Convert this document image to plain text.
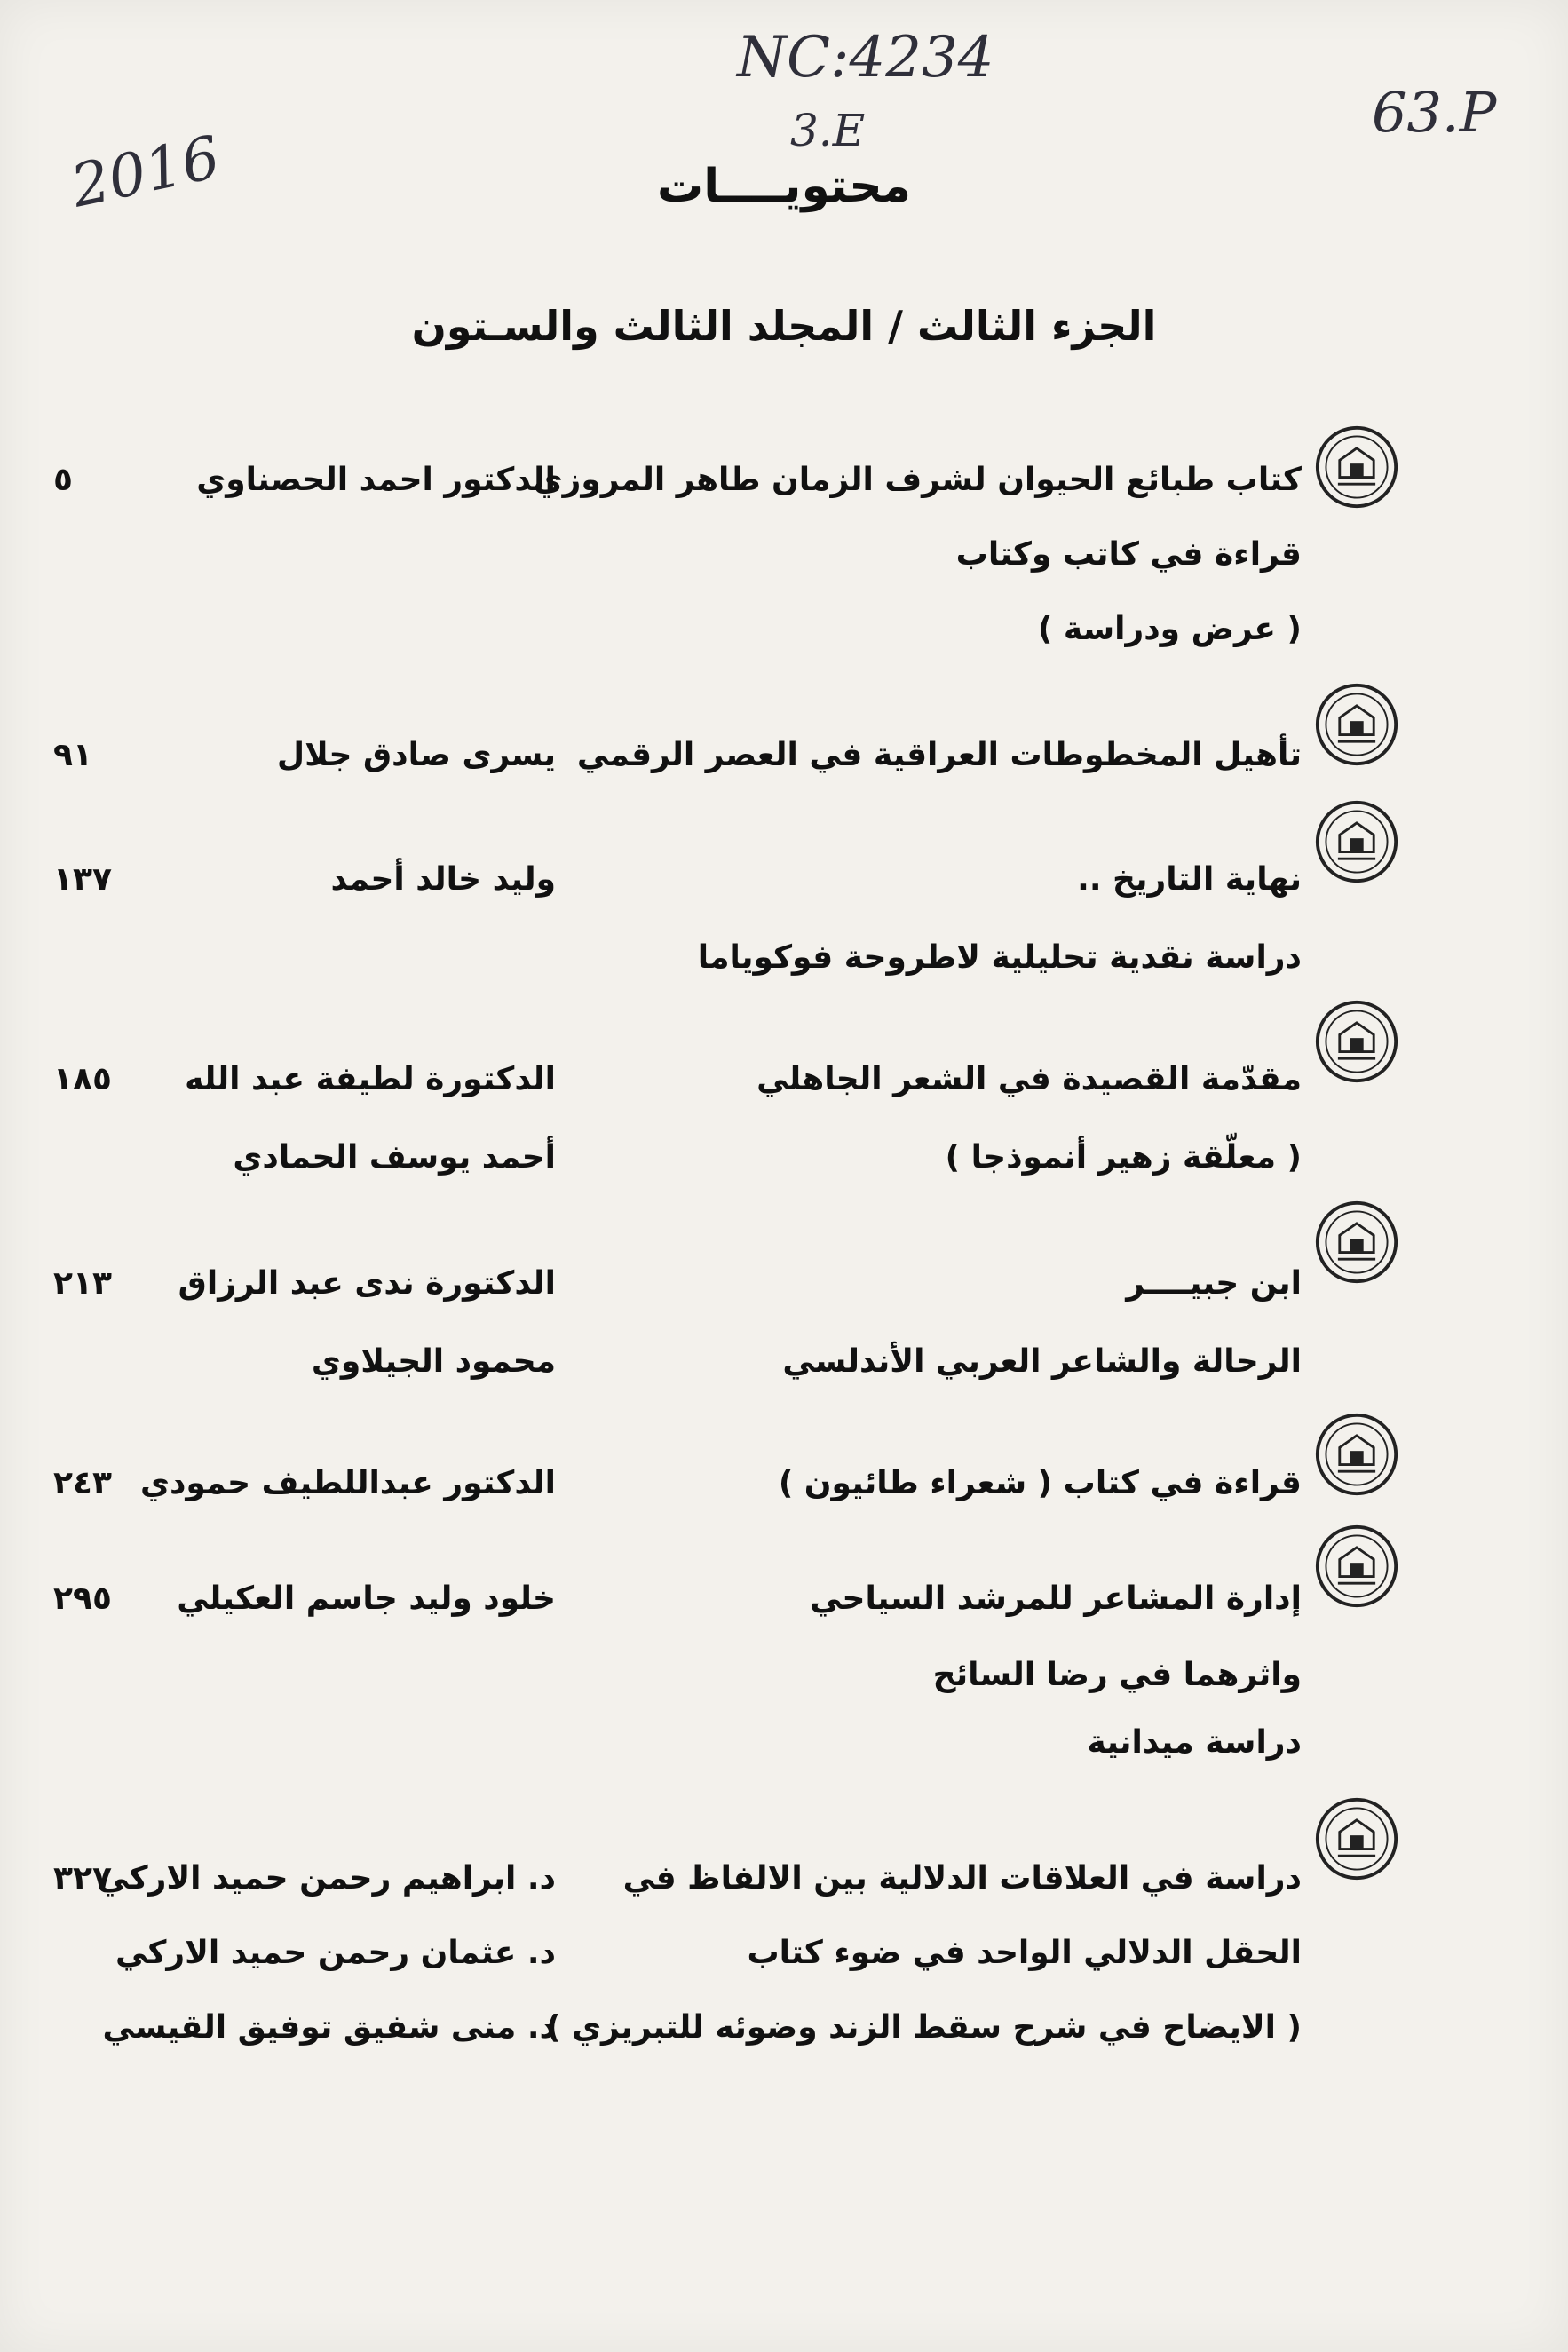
NC:4234
3.E
2016
63.P
محتويــــات
الجزء الثالث / المجلد الثالث والسـتون
كتاب طبائع الحيوان لشرف الزمان طاهر المروزي
قراءة في كاتب وكتاب
( عرض ودراسة )
الدكتور احمد الحصناوي
٥
تأهيل المخطوطات العراقية في العصر الرقمي
يسرى صادق جلال
٩١
نهاية التاريخ ..
دراسة نقدية تحليلية لاطروحة فوكوياما
وليد خالد أحمد
١٣٧
مقدّمة القصيدة في الشعر الجاهلي
( معلّقة زهير أنموذجا )
الدكتورة لطيفة عبد الله
أحمد يوسف الحمادي
١٨٥
ابن جبيــــر
الرحالة والشاعر العربي الأندلسي
الدكتورة ندى عبد الرزاق
محمود الجيلاوي
٢١٣
قراءة في كتاب ( شعراء طائيون )
الدكتور عبداللطيف حمودي
٢٤٣
إدارة المشاعر للمرشد السياحي
واثرهما في رضا السائح
دراسة ميدانية
خلود وليد جاسم العكيلي
٢٩٥
دراسة في العلاقات الدلالية بين الالفاظ في
الحقل الدلالي الواحد في ضوء كتاب
( الايضاح في شرح سقط الزند وضوئه للتبريزي )
د. ابراهيم رحمن حميد الاركي
د. عثمان رحمن حميد الاركي
د. منى شفيق توفيق القيسي
٣٢٧
